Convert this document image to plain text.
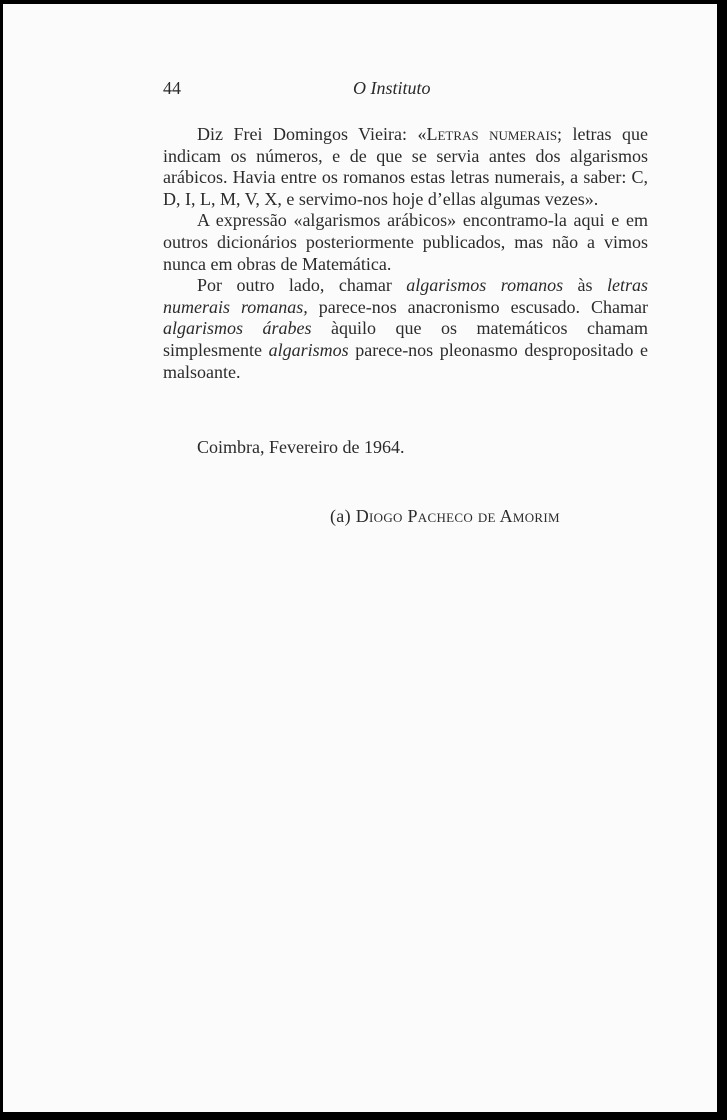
44	O Instituto

Diz Frei Domingos Vieira: «Letras numerais; letras que indicam os números, e de que se servia antes dos algarismos arábicos. Havia entre os romanos estas letras numerais, a saber: C, D, I, L, M, V, X, e servimo-nos hoje d’ellas algumas vezes».

A expressão «algarismos arábicos» encontramo-la aqui e em outros dicionários posteriormente publicados, mas não a vimos nunca em obras de Matemática.

Por outro lado, chamar algarismos romanos às letras numerais romanas, parece-nos anacronismo escusado. Chamar algarismos árabes àquilo que os matemáticos chamam simplesmente algarismos parece-nos pleonasmo despropositado e malsoante.

Coimbra, Fevereiro de 1964.
(a) Diogo Pacheco de Amorim
